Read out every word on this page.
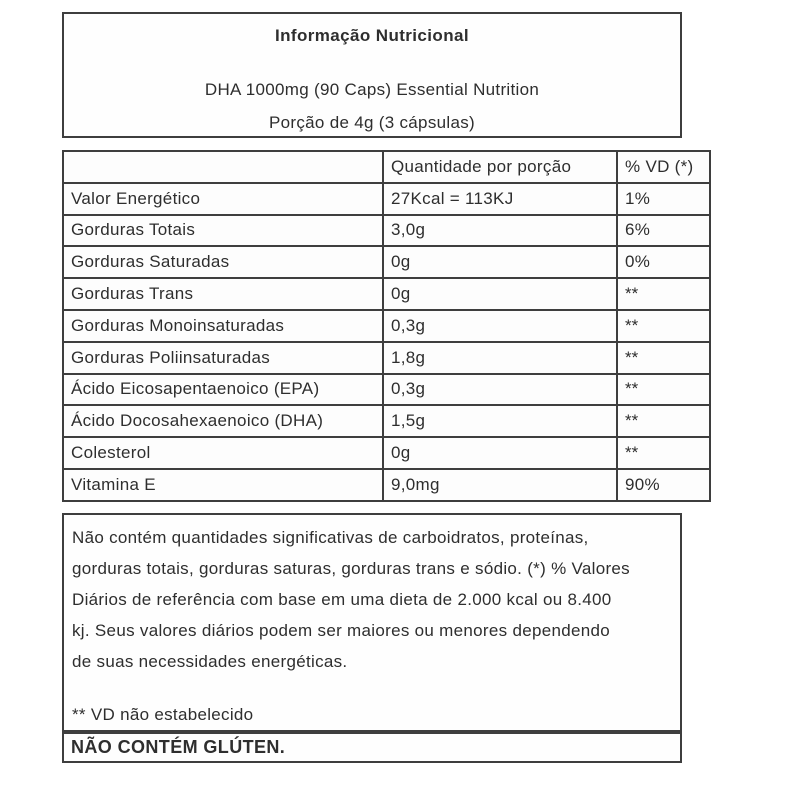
Informação Nutricional
DHA 1000mg (90 Caps) Essential Nutrition
Porção de 4g (3 cápsulas)
	Quantidade por porção	% VD (*)
Valor Energético	27Kcal = 113KJ	1%
Gorduras Totais	3,0g	6%
Gorduras Saturadas	0g	0%
Gorduras Trans	0g	**
Gorduras Monoinsaturadas	0,3g	**
Gorduras Poliinsaturadas	1,8g	**
Ácido Eicosapentaenoico (EPA)	0,3g	**
Ácido Docosahexaenoico (DHA)	1,5g	**
Colesterol	0g	**
Vitamina E	9,0mg	90%
Não contém quantidades significativas de carboidratos, proteínas,
gorduras totais, gorduras saturas, gorduras trans e sódio. (*) % Valores
Diários de referência com base em uma dieta de 2.000 kcal ou 8.400
kj. Seus valores diários podem ser maiores ou menores dependendo
de suas necessidades energéticas.
** VD não estabelecido
NÃO CONTÉM GLÚTEN.
